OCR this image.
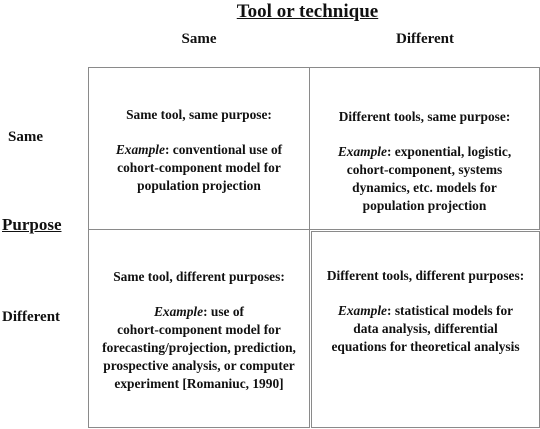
Tool or technique
Same	Different
Same
Purpose
Different
Same tool, same purpose:
Example: conventional use of
cohort-component model for
population projection
Different tools, same purpose:
Example: exponential, logistic,
cohort-component, systems
dynamics, etc. models for
population projection
Same tool, different purposes:
Example: use of
cohort-component model for
forecasting/projection, prediction,
prospective analysis, or computer
experiment [Romaniuc, 1990]
Different tools, different purposes:
Example: statistical models for
data analysis, differential
equations for theoretical analysis
